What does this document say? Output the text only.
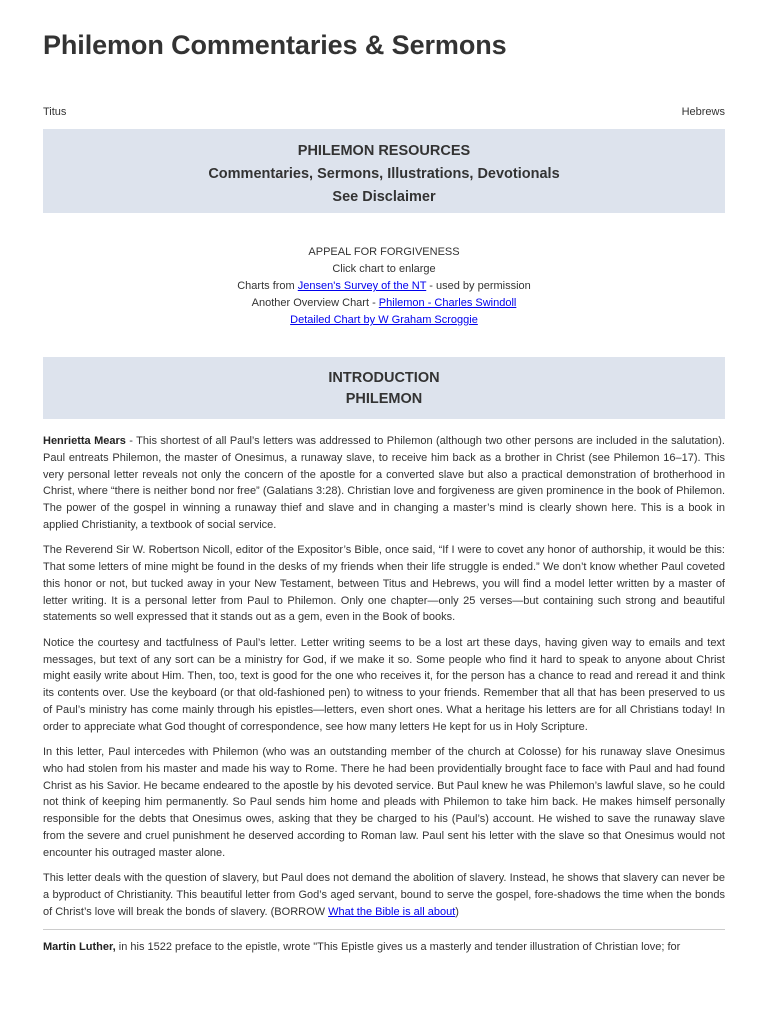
Philemon Commentaries & Sermons
Titus	Hebrews
PHILEMON RESOURCES
Commentaries, Sermons, Illustrations, Devotionals
See Disclaimer
APPEAL FOR FORGIVENESS
Click chart to enlarge
Charts from Jensen's Survey of the NT - used by permission
Another Overview Chart - Philemon - Charles Swindoll
Detailed Chart by W Graham Scroggie
INTRODUCTION
PHILEMON

Henrietta Mears - This shortest of all Paul’s letters was addressed to Philemon (although two other persons are included in the salutation). Paul entreats Philemon, the master of Onesimus, a runaway slave, to receive him back as a brother in Christ (see Philemon 16–17). This very personal letter reveals not only the concern of the apostle for a converted slave but also a practical demonstration of brotherhood in Christ, where “there is neither bond nor free” (Galatians 3:28). Christian love and forgiveness are given prominence in the book of Philemon. The power of the gospel in winning a runaway thief and slave and in changing a master’s mind is clearly shown here. This is a book in applied Christianity, a textbook of social service.

The Reverend Sir W. Robertson Nicoll, editor of the Expositor’s Bible, once said, “If I were to covet any honor of authorship, it would be this: That some letters of mine might be found in the desks of my friends when their life struggle is ended.” We don’t know whether Paul coveted this honor or not, but tucked away in your New Testament, between Titus and Hebrews, you will find a model letter written by a master of letter writing. It is a personal letter from Paul to Philemon. Only one chapter—only 25 verses—but containing such strong and beautiful statements so well expressed that it stands out as a gem, even in the Book of books.

Notice the courtesy and tactfulness of Paul’s letter. Letter writing seems to be a lost art these days, having given way to emails and text messages, but text of any sort can be a ministry for God, if we make it so. Some people who find it hard to speak to anyone about Christ might easily write about Him. Then, too, text is good for the one who receives it, for the person has a chance to read and reread it and think its contents over. Use the keyboard (or that old-fashioned pen) to witness to your friends. Remember that all that has been preserved to us of Paul’s ministry has come mainly through his epistles—letters, even short ones. What a heritage his letters are for all Christians today! In order to appreciate what God thought of correspondence, see how many letters He kept for us in Holy Scripture.

In this letter, Paul intercedes with Philemon (who was an outstanding member of the church at Colosse) for his runaway slave Onesimus who had stolen from his master and made his way to Rome. There he had been providentially brought face to face with Paul and had found Christ as his Savior. He became endeared to the apostle by his devoted service. But Paul knew he was Philemon’s lawful slave, so he could not think of keeping him permanently. So Paul sends him home and pleads with Philemon to take him back. He makes himself personally responsible for the debts that Onesimus owes, asking that they be charged to his (Paul’s) account. He wished to save the runaway slave from the severe and cruel punishment he deserved according to Roman law. Paul sent his letter with the slave so that Onesimus would not encounter his outraged master alone.

This letter deals with the question of slavery, but Paul does not demand the abolition of slavery. Instead, he shows that slavery can never be a byproduct of Christianity. This beautiful letter from God’s aged servant, bound to serve the gospel, fore-shadows the time when the bonds of Christ’s love will break the bonds of slavery. (BORROW What the Bible is all about)

Martin Luther, in his 1522 preface to the epistle, wrote "This Epistle gives us a masterly and tender illustration of Christian love; for
